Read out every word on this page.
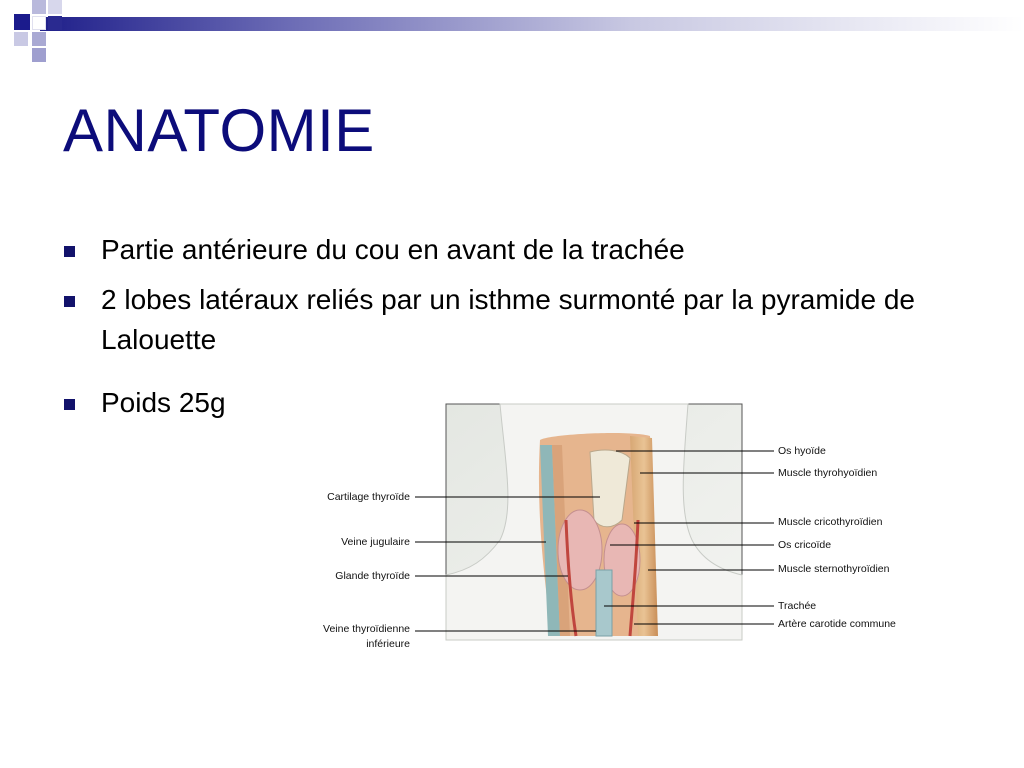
ANATOMIE
Partie antérieure du cou en avant de la trachée
2 lobes latéraux reliés par un isthme surmonté par la pyramide de Lalouette
Poids 25g
Cartilage thyroïde
Veine jugulaire
Glande thyroïde
Veine thyroïdienne
inférieure
Os hyoïde
Muscle thyrohyoïdien
Muscle cricothyroïdien
Os cricoïde
Muscle sternothyroïdien
Trachée
Artère carotide commune
